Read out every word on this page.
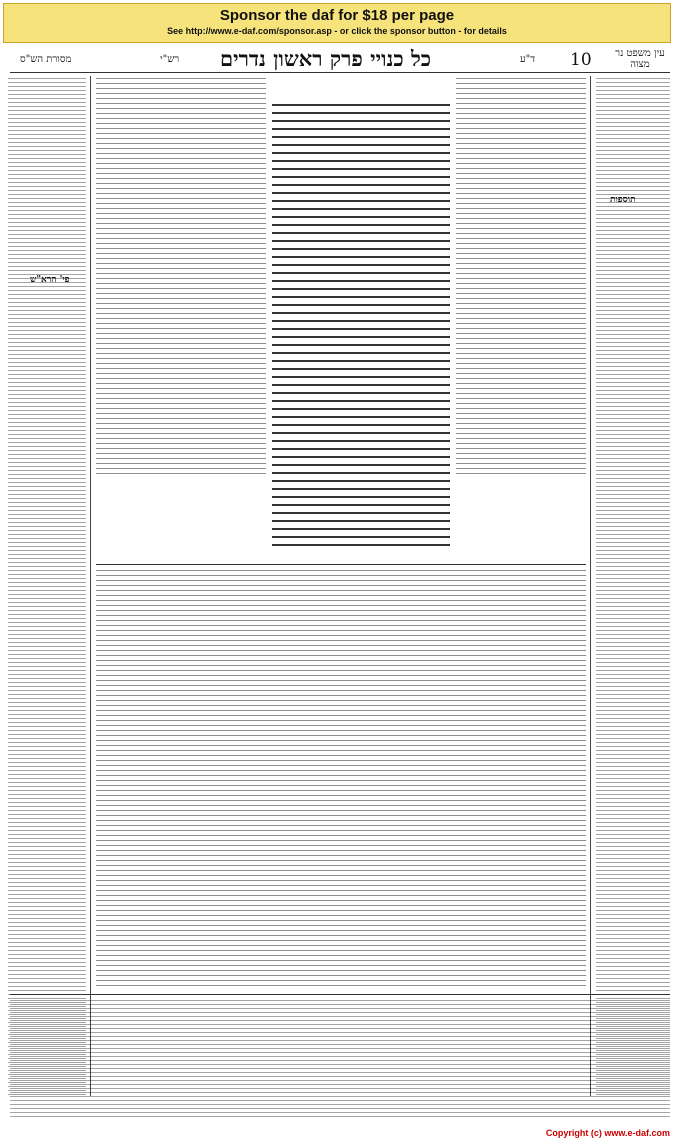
Sponsor the daf for $18 per page
See http://www.e-daf.com/sponsor.asp - or click the sponsor button - for details
מסורת הש"ס	רש"י כל כנויי פרק ראשון נדרים	ד"ע 10	עין משפט נר מצוה
פי' הרא"ש
תוספות
Copyright (c) www.e-daf.com
